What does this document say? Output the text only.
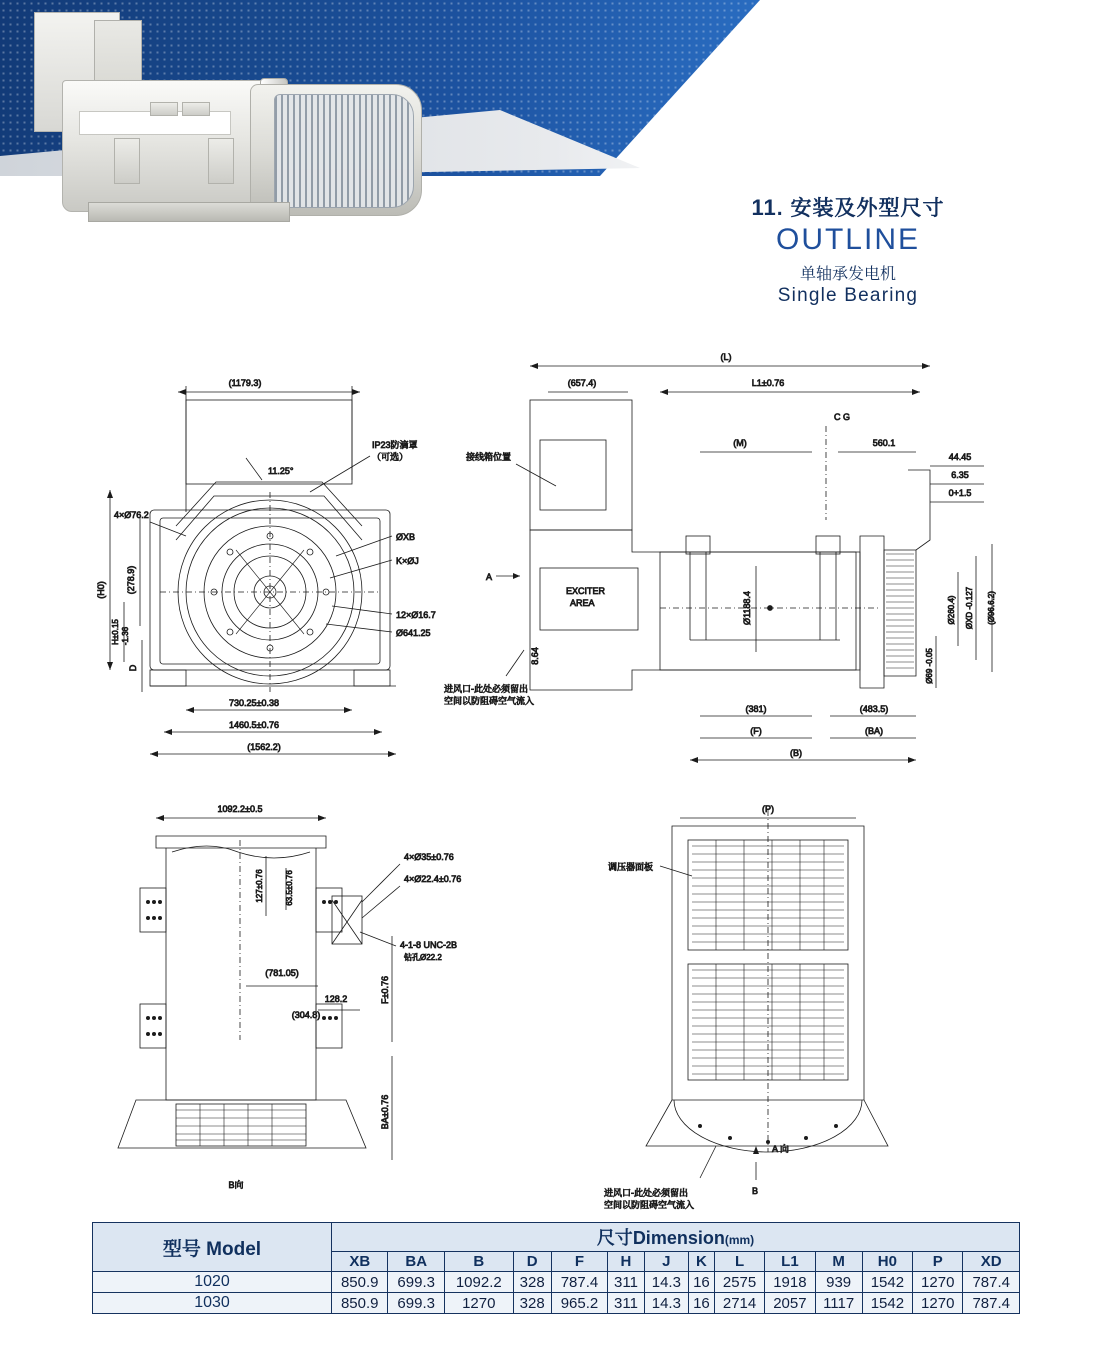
11. 安装及外型尺寸
OUTLINE
单轴承发电机
Single Bearing
(1179.3)
11.25°
IP23防滴罩
（可选）
(H0) (278.9)
H±0.15 -1.36
D
ØXB
K×ØJ
12×Ø16.7
Ø641.25
4×Ø76.2
730.25±0.38
1460.5±0.76
(1562.2)
(L)
(657.4)	L1±0.76
C G
(M)	560.1
接线箱位置
EXCITER
AREA
A
44.45
6.35
0+1.5
ØXD -0.127 (Ø96.6.2)
Ø260.4)
Ø69 -0.05
Ø1188.4
8.64
(381)	(483.5)
(F)	(BA)
(B)
进风口-此处必须留出
空间以防阻碍空气流入
1092.2±0.5
127±0.76	63.5±0.76
4×Ø35±0.76
4×Ø22.4±0.76
4-1-8 UNC-2B
钻孔Ø22.2
(781.05)
128.2
(304.8)
F±0.76
BA±0.76
B向
(P)
调压器面板
进风口-此处必须留出
空间以防阻碍空气流入
A 向
B
型号 Model	尺寸Dimension(mm)													
	XB	BA	B	D	F	H	J	K	L	L1	M	H0	P	XD
1020	850.9	699.3	1092.2	328	787.4	311	14.3	16	2575	1918	939	1542	1270	787.4
1030	850.9	699.3	1270	328	965.2	311	14.3	16	2714	2057	1117	1542	1270	787.4
